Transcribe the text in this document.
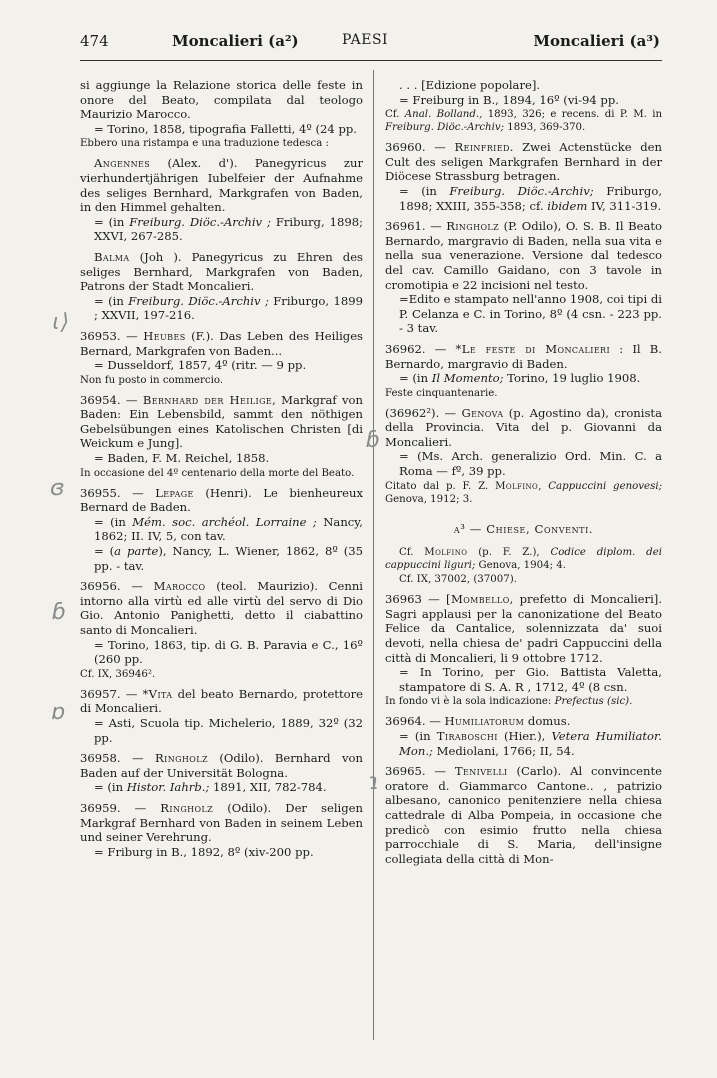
474	Moncalieri (a²)	PAESI	Moncalieri (a³)

si aggiunge la Relazione storica delle feste in onore del Beato, compilata dal teologo Maurizio Marocco.

= Torino, 1858, tipografia Falletti, 4º (24 pp.

Ebbero una ristampa e una traduzione tedesca :

Angennes (Alex. d'). Panegyricus zur vierhundertjährigen Iubelfeier der Aufnahme des seliges Bernhard, Markgrafen von Baden, in den Himmel gehalten.

= (in Freiburg. Diöc.-Archiv ; Friburg, 1898; XXVI, 267-285.

Balma (Joh ). Panegyricus zu Ehren des seliges Bernhard, Markgrafen von Baden, Patrons der Stadt Moncalieri.

= (in Freiburg. Diöc.-Archiv ; Friburgo, 1899 ; XXVII, 197-216.

36953. — Heubes (F.). Das Leben des Heiliges Bernard, Markgrafen von Baden...

= Dusseldorf, 1857, 4º (ritr. — 9 pp.

Non fu posto in commercio.

36954. — Bernhard der Heilige, Markgraf von Baden: Ein Lebensbild, sammt den nöthigen Gebelsübungen eines Katolischen Christen [di Weickum e Jung].

= Baden, F. M. Reichel, 1858.

In occasione del 4º centenario della morte del Beato.

36955. — Lepage (Henri). Le bienheureux Bernard de Baden.

= (in Mém. soc. archéol. Lorraine ; Nancy, 1862; II. IV, 5, con tav.

= (a parte), Nancy, L. Wiener, 1862, 8º (35 pp. - tav.

36956. — Marocco (teol. Maurizio). Cenni intorno alla virtù ed alle virtù del servo di Dio Gio. Antonio Panighetti, detto il ciabattino santo di Moncalieri.

= Torino, 1863, tip. di G. B. Paravia e C., 16º (260 pp.

Cf. IX, 36946².

36957. — *Vita del beato Bernardo, protettore di Moncalieri.

= Asti, Scuola tip. Michelerio, 1889, 32º (32 pp.

36958. — Ringholz (Odilo). Bernhard von Baden auf der Universität Bologna.

= (in Histor. Iahrb.; 1891, XII, 782-784.

36959. — Ringholz (Odilo). Der seligen Markgraf Bernhard von Baden in seinem Leben und seiner Verehrung.

= Friburg in B., 1892, 8º (xiv-200 pp.

. . . [Edizione popolare].

= Freiburg in B., 1894, 16º (vi-94 pp.

Cf. Anal. Bolland., 1893, 326; e recens. di P. M. in Freiburg. Diöc.-Archiv; 1893, 369-370.

36960. — Reinfried. Zwei Actenstücke den Cult des seligen Markgrafen Bernhard in der Diöcese Strassburg betragen.

= (in Freiburg. Diöc.-Archiv; Friburgo, 1898; XXIII, 355-358; cf. ibidem IV, 311-319.

36961. — Ringholz (P. Odilo), O. S. B. Il Beato Bernardo, margravio di Baden, nella sua vita e nella sua venerazione. Versione dal tedesco del cav. Camillo Gaidano, con 3 tavole in cromotipia e 22 incisioni nel testo.

=Edito e stampato nell'anno 1908, coi tipi di P. Celanza e C. in Torino, 8º (4 csn. - 223 pp. - 3 tav.

36962. — *Le feste di Moncalieri : Il B. Bernardo, margravio di Baden.

= (in Il Momento; Torino, 19 luglio 1908.

Feste cinquantenarie.

(36962²). — Genova (p. Agostino da), cronista della Provincia. Vita del p. Giovanni da Moncalieri.

= (Ms. Arch. generalizio Ord. Min. C. a Roma — fº, 39 pp.

Citato dal p. F. Z. Molfino, Cappuccini genovesi; Genova, 1912; 3.

a³ — Chiese, Conventi.

Cf. Molfino (p. F. Z.), Codice diplom. dei cappuccini liguri; Genova, 1904; 4.

Cf. IX, 37002, (37007).

36963 — [Mombello, prefetto di Moncalieri]. Sagri applausi per la canonizatione del Beato Felice da Cantalice, solennizzata da' suoi devoti, nella chiesa de' padri Cappuccini della città di Moncalieri, li 9 ottobre 1712.

= In Torino, per Gio. Battista Valetta, stampatore di S. A. R , 1712, 4º (8 csn.

In fondo vi è la sola indicazione: Prefectus (sic).

36964. — Humiliatorum domus.

= (in Tiraboschi (Hier.), Vetera Humiliator. Mon.; Mediolani, 1766; II, 54.

36965. — Tenivelli (Carlo). Al convincente oratore d. Giammarco Cantone.. , patrizio albesano, canonico penitenziere nella chiesa cattedrale di Alba Pompeia, in occasione che predicò con esimio frutto nella chiesa parrocchiale di S. Maria, dell'insigne collegiata della città di Mon-

ɩ⟩
ɞ
ɓ
ɒ
ɓ
ɿ
